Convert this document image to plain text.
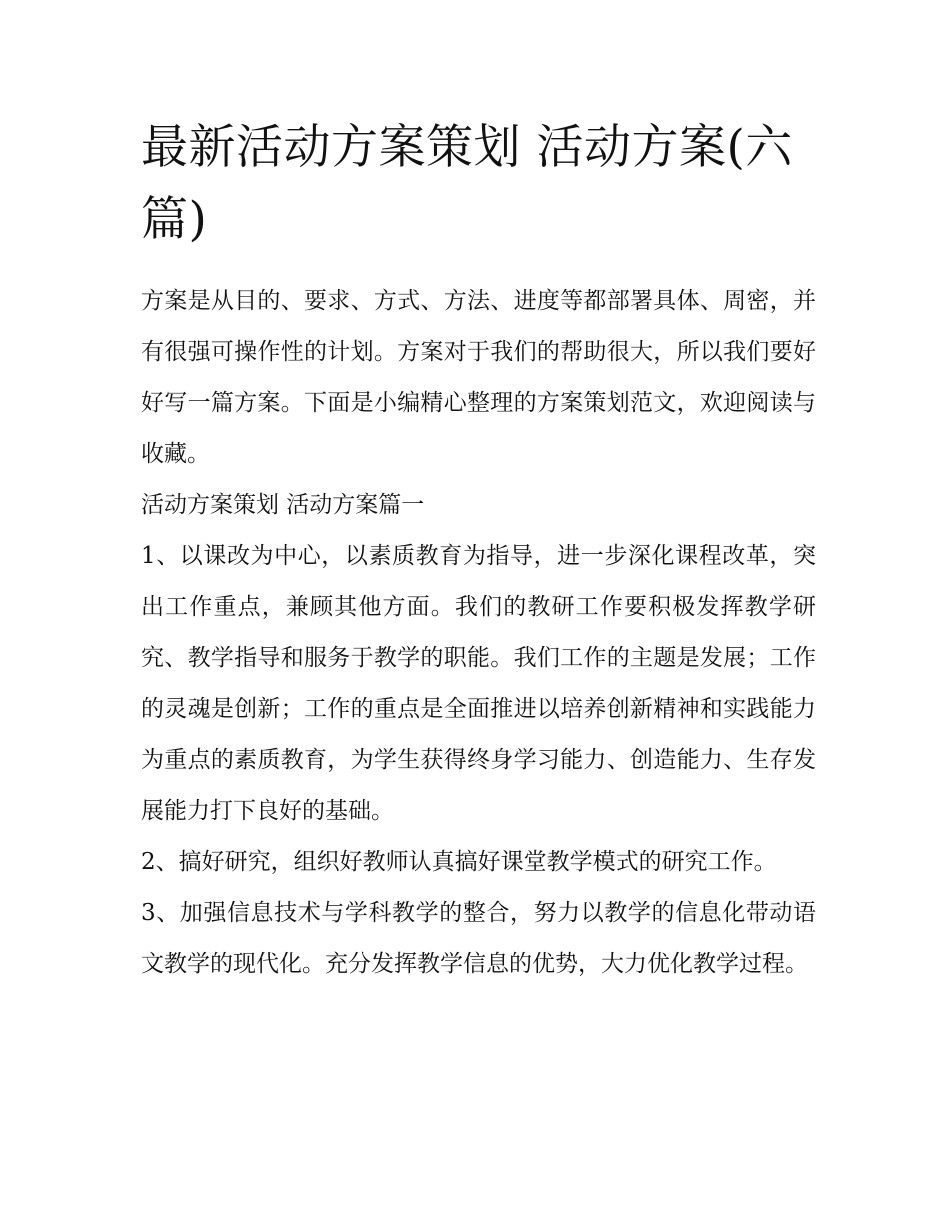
最新活动方案策划 活动方案(六篇)

方案是从目的、要求、方式、方法、进度等都部署具体、周密，并有很强可操作性的计划。方案对于我们的帮助很大，所以我们要好好写一篇方案。下面是小编精心整理的方案策划范文，欢迎阅读与收藏。

活动方案策划 活动方案篇一

1、以课改为中心，以素质教育为指导，进一步深化课程改革，突出工作重点，兼顾其他方面。我们的教研工作要积极发挥教学研究、教学指导和服务于教学的职能。我们工作的主题是发展；工作的灵魂是创新；工作的重点是全面推进以培养创新精神和实践能力为重点的素质教育，为学生获得终身学习能力、创造能力、生存发展能力打下良好的基础。

2、搞好研究，组织好教师认真搞好课堂教学模式的研究工作。

3、加强信息技术与学科教学的整合，努力以教学的信息化带动语文教学的现代化。充分发挥教学信息的优势，大力优化教学过程。
